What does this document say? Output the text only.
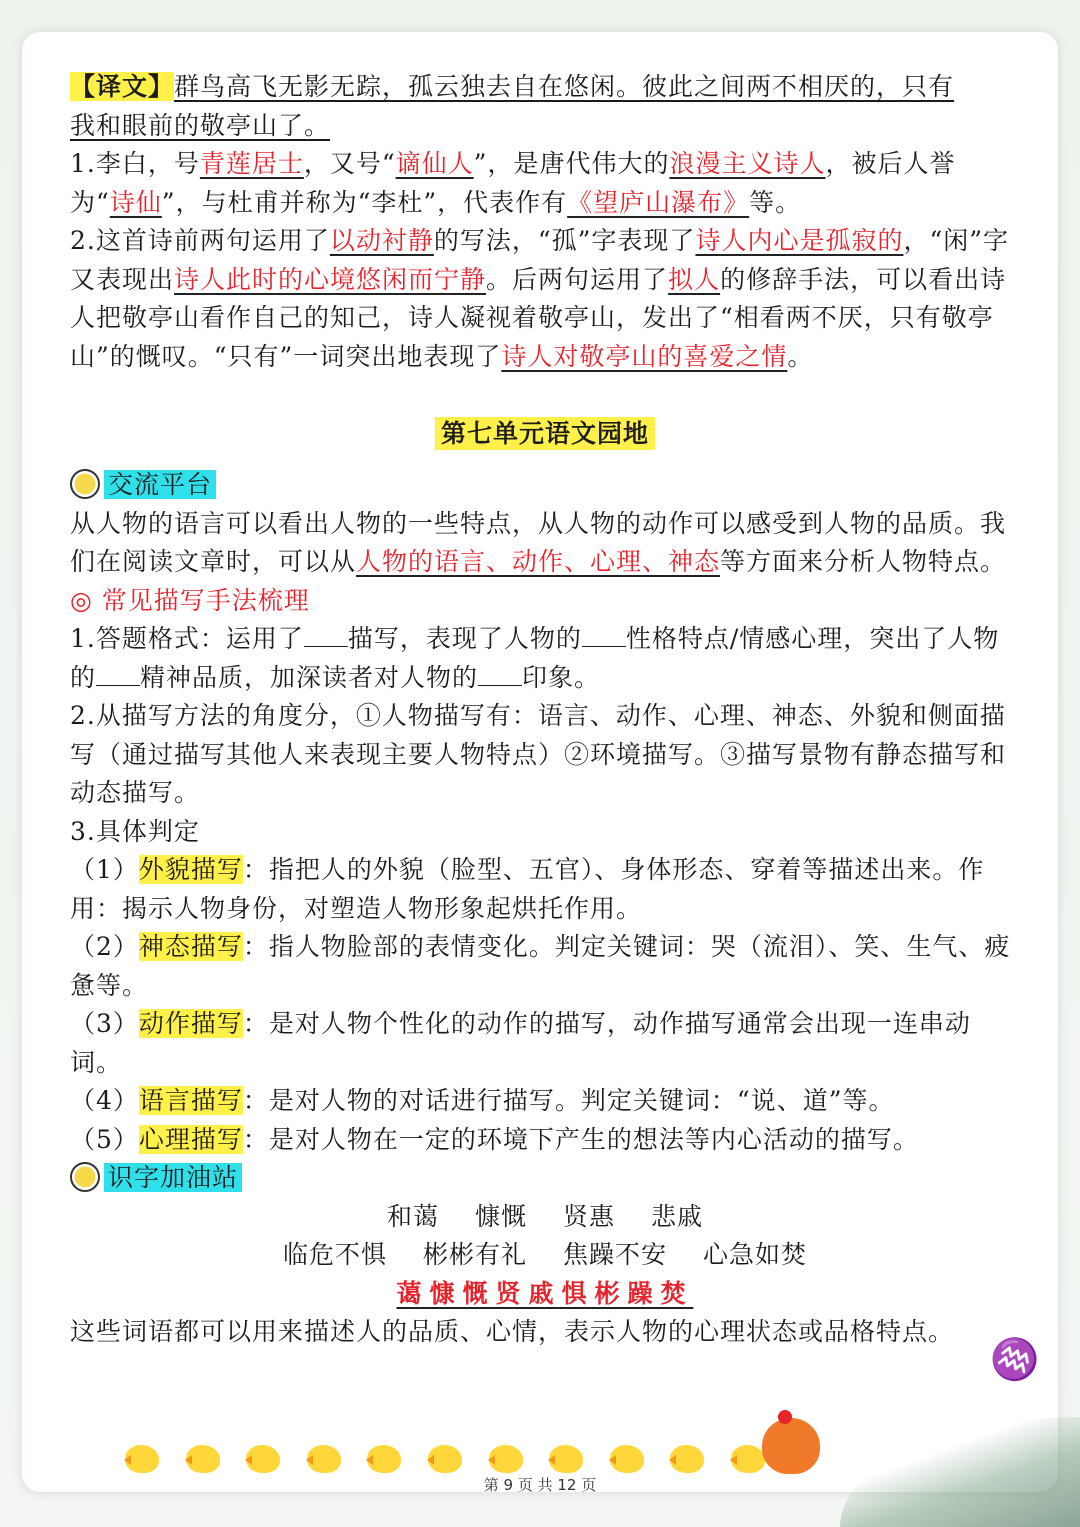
【译文】群鸟高飞无影无踪，孤云独去自在悠闲。彼此之间两不相厌的，只有
我和眼前的敬亭山了。

1.李白，号青莲居士，又号“谪仙人”，是唐代伟大的浪漫主义诗人，被后人誉为“诗仙”，与杜甫并称为“李杜”，代表作有《望庐山瀑布》等。

2.这首诗前两句运用了以动衬静的写法，“孤”字表现了诗人内心是孤寂的，“闲”字又表现出诗人此时的心境悠闲而宁静。后两句运用了拟人的修辞手法，可以看出诗人把敬亭山看作自己的知己，诗人凝视着敬亭山，发出了“相看两不厌，只有敬亭山”的慨叹。“只有”一词突出地表现了诗人对敬亭山的喜爱之情。

第七单元语文园地

交流平台

从人物的语言可以看出人物的一些特点，从人物的动作可以感受到人物的品质。我们在阅读文章时，可以从人物的语言、动作、心理、神态等方面来分析人物特点。

◎ 常见描写手法梳理

1.答题格式：运用了 描写，表现了人物的 性格特点/情感心理，突出了人物的 精神品质，加深读者对人物的 印象。

2.从描写方法的角度分，①人物描写有：语言、动作、心理、神态、外貌和侧面描写（通过描写其他人来表现主要人物特点）②环境描写。③描写景物有静态描写和动态描写。

3.具体判定

（1）外貌描写：指把人的外貌（脸型、五官）、身体形态、穿着等描述出来。作用：揭示人物身份，对塑造人物形象起烘托作用。

（2）神态描写：指人物脸部的表情变化。判定关键词：哭（流泪）、笑、生气、疲惫等。

（3）动作描写：是对人物个性化的动作的描写，动作描写通常会出现一连串动词。

（4）语言描写：是对人物的对话进行描写。判定关键词：“说、道”等。

（5）心理描写：是对人物在一定的环境下产生的想法等内心活动的描写。

识字加油站

和蔼 慷慨 贤惠 悲戚

临危不惧 彬彬有礼 焦躁不安 心急如焚

蔼慷慨贤戚惧彬躁焚

这些词语都可以用来描述人的品质、心情，表示人物的心理状态或品格特点。 ♒
第 9 页 共 12 页
